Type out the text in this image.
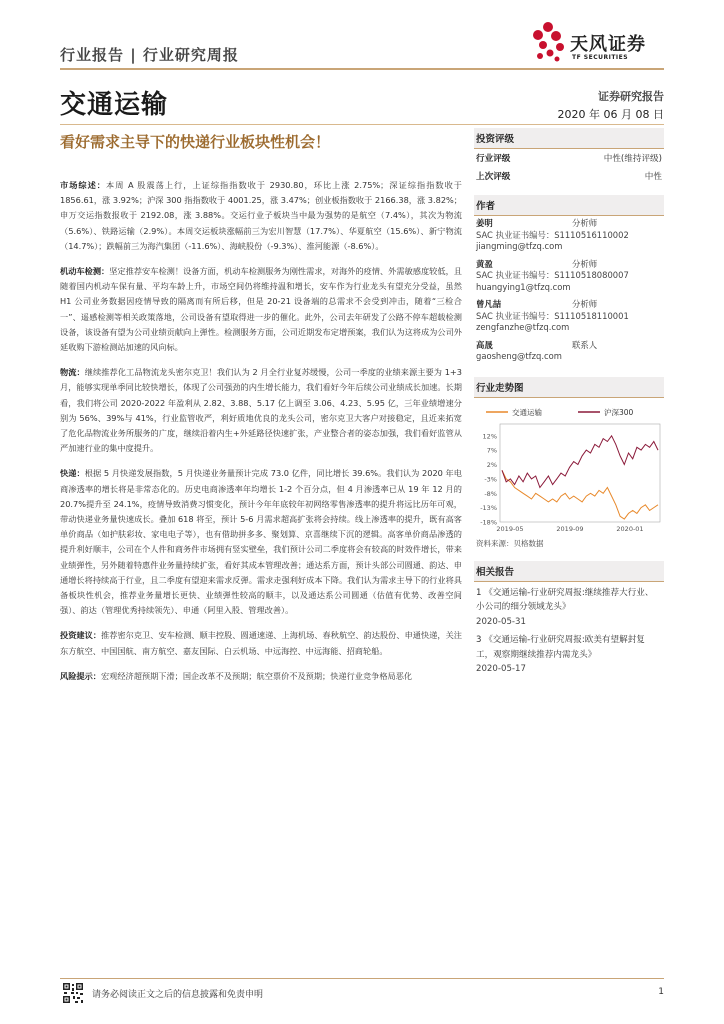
行业报告 | 行业研究周报	天风证券
TF SECURITIES
交通运输	证券研究报告
2020 年 06 月 08 日
看好需求主导下的快递行业板块性机会！

市场综述：本周 A 股震荡上行，上证综指指数收于 2930.80，环比上涨 2.75%；深证综指指数收于 1856.61，涨 3.92%；沪深 300 指指数收于 4001.25，涨 3.47%；创业板指数收于 2166.38，涨 3.82%；申万交运指数报收于 2192.08，涨 3.88%。交运行业子板块当中最为强势的是航空（7.4%），其次为物流（5.6%）、铁路运输（2.9%）。本周交运板块涨幅前三为宏川智慧（17.7%）、华夏航空（15.6%）、新宁物流（14.7%）；跌幅前三为海汽集团（-11.6%）、海峡股份（-9.3%）、淮河能源（-8.6%）。

机动车检测：坚定推荐安车检测！设备方面，机动车检测服务为刚性需求，对海外的疫情、外需敏感度较低，且随着国内机动车保有量、平均车龄上升，市场空间仍将维持温和增长，安车作为行业龙头有望充分受益，虽然 H1 公司业务数据因疫情导致的隔离而有所后移，但是 20-21 设备端的总需求不会受到冲击，随着“三检合一”、遥感检测等相关政策落地，公司设备有望取得进一步的催化。此外，公司去年研发了公路不停车超载检测设备，该设备有望为公司业绩贡献向上弹性。检测服务方面，公司近期发布定增预案，我们认为这将成为公司外延收购下游检测站加速的风向标。

物流：继续推荐化工品物流龙头密尔克卫！我们认为 2 月全行业复苏缓慢，公司一季度的业绩来源主要为 1+3 月，能够实现单季同比较快增长，体现了公司强劲的内生增长能力，我们看好今年后续公司业绩成长加速。长期看，我们将公司 2020-2022 年盈利从 2.82、3.88、5.17 亿上调至 3.06、4.23、5.95 亿，三年业绩增速分别为 56%、39%与 41%，行业监管收严，利好质地优良的龙头公司，密尔克卫大客户对接稳定，且近来拓宽了危化品物流业务所服务的广度，继续沿着内生+外延路径快速扩张，产业整合者的姿态加强，我们看好监管从严加速行业的集中度提升。

快递：根据 5 月快递发展指数，5 月快递业务量预计完成 73.0 亿件，同比增长 39.6%。我们认为 2020 年电商渗透率的增长将是非常态化的。历史电商渗透率年均增长 1-2 个百分点，但 4 月渗透率已从 19 年 12 月的 20.7%提升至 24.1%，疫情导致消费习惯变化，预计今年年底较年初网络零售渗透率的提升将远比历年可观，带动快递业务量快速成长。叠加 618 将至，预计 5-6 月需求超高扩张将会持续。线上渗透率的提升，既有高客单价商品（如护肤彩妆、家电电子等），也有借助拼多多、聚划算、京喜继续下沉的逻辑。高客单价商品渗透的提升利好顺丰，公司在个人件和商务件市场拥有竖实壁垒，我们预计公司二季度将会有较高的时效件增长，带来业绩弹性，另外随着特惠件业务量持续扩张，看好其成本管理改善；通达系方面，预计头部公司圆通、韵达、申通增长将持续高于行业，且二季度有望迎来需求反弹。需求走强利好成本下降。我们认为需求主导下的行业将具备板块性机会，推荐业务量增长更快、业绩弹性较高的顺丰，以及通达系公司圆通（估值有优势、改善空间强）、韵达（管理优秀持续领先）、申通（阿里入股、管理改善）。

投资建议：推荐密尔克卫、安车检测、顺丰控股、圆通速递、上海机场、春秋航空、韵达股份、申通快递，关注东方航空、中国国航、南方航空、嘉友国际、白云机场、中远海控、中远海能、招商轮船。

风险提示：宏观经济超预期下滑；国企改革不及预期；航空票价不及预期；快递行业竞争格局恶化

投资评级
行业评级	中性(维持评级)
上次评级	中性
作者
姜明	分析师
SAC 执业证书编号：S1110516110002
jiangming@tfzq.com
黄盈	分析师
SAC 执业证书编号：S1110518080007
huangying1@tfzq.com
曾凡喆	分析师
SAC 执业证书编号：S1110518110001
zengfanzhe@tfzq.com
高晟	联系人
gaosheng@tfzq.com
行业走势图
交通运输	沪深300
12%
7%
2%
-3%
-8%
-13%
-18%
2019-05	2019-09	2020-01
资料来源：贝格数据
相关报告
1 《交通运输-行业研究周报:继续推荐大行业、小公司的细分领域龙头》
2020-05-31
3 《交通运输-行业研究周报:欧美有望解封复工，观察期继续推荐内需龙头》
2020-05-17
请务必阅读正文之后的信息披露和免责申明	1
